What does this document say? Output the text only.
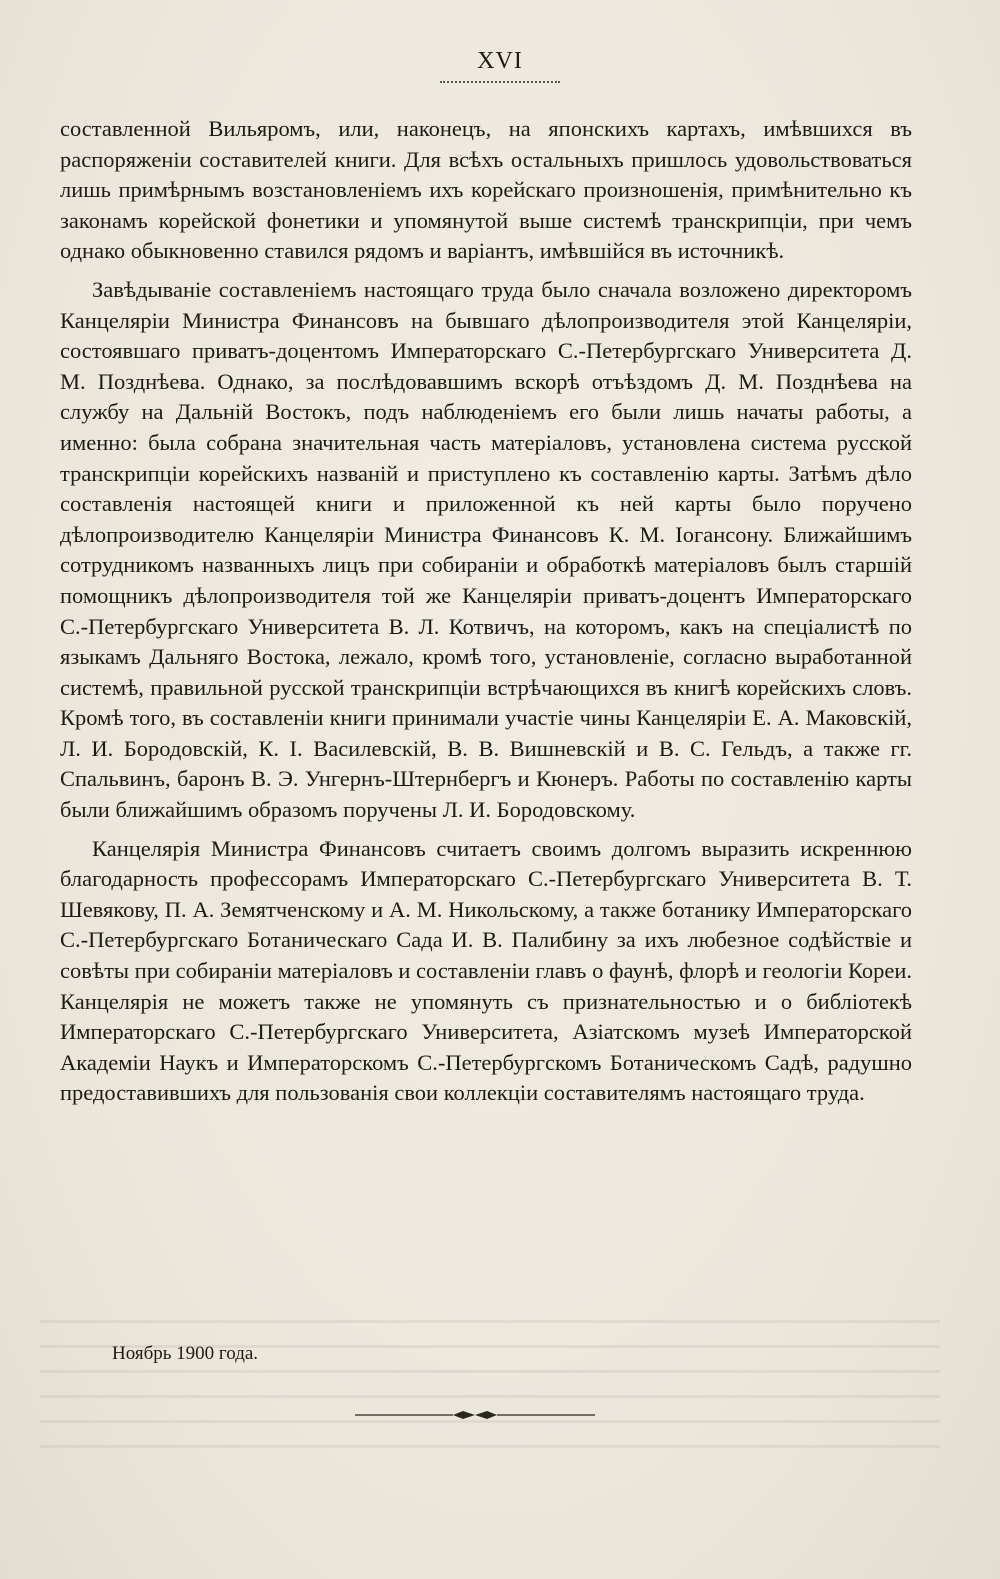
XVI

составленной Вильяромъ, или, наконецъ, на японскихъ картахъ, имѣвшихся въ распоряженіи составителей книги. Для всѣхъ остальныхъ пришлось удовольствоваться лишь примѣрнымъ возстановленіемъ ихъ корейскаго произношенія, примѣнительно къ законамъ корейской фонетики и упомянутой выше системѣ транскрипціи, при чемъ однако обыкновенно ставился рядомъ и варіантъ, имѣвшійся въ источникѣ.

Завѣдываніе составленіемъ настоящаго труда было сначала возложено директоромъ Канцеляріи Министра Финансовъ на бывшаго дѣлопроизводителя этой Канцеляріи, состоявшаго приватъ-доцентомъ Императорскаго С.-Петербургскаго Университета Д. М. Позднѣева. Однако, за послѣдовавшимъ вскорѣ отъѣздомъ Д. М. Позднѣева на службу на Дальній Востокъ, подъ наблюденіемъ его были лишь начаты работы, а именно: была собрана значительная часть матеріаловъ, установлена система русской транскрипціи корейскихъ названій и приступлено къ составленію карты. Затѣмъ дѣло составленія настоящей книги и приложенной къ ней карты было поручено дѣлопроизводителю Канцеляріи Министра Финансовъ К. М. Іогансону. Ближайшимъ сотрудникомъ названныхъ лицъ при собираніи и обработкѣ матеріаловъ былъ старшій помощникъ дѣлопроизводителя той же Канцеляріи приватъ-доцентъ Императорскаго С.-Петербургскаго Университета В. Л. Котвичъ, на которомъ, какъ на спеціалистѣ по языкамъ Дальняго Востока, лежало, кромѣ того, установленіе, согласно выработанной системѣ, правильной русской транскрипціи встрѣчающихся въ книгѣ корейскихъ словъ. Кромѣ того, въ составленіи книги принимали участіе чины Канцеляріи Е. А. Маковскій, Л. И. Бородовскій, К. І. Василевскій, В. В. Вишневскій и В. С. Гельдъ, а также гг. Спальвинъ, баронъ В. Э. Унгернъ-Штернбергъ и Кюнеръ. Работы по составленію карты были ближайшимъ образомъ поручены Л. И. Бородовскому.

Канцелярія Министра Финансовъ считаетъ своимъ долгомъ выразить искреннюю благодарность профессорамъ Императорскаго С.-Петербургскаго Университета В. Т. Шевякову, П. А. Земятченскому и А. М. Никольскому, а также ботанику Императорскаго С.-Петербургскаго Ботаническаго Сада И. В. Палибину за ихъ любезное содѣйствіе и совѣты при собираніи матеріаловъ и составленіи главъ о фаунѣ, флорѣ и геологіи Кореи. Канцелярія не можетъ также не упомянуть съ признательностью и о библіотекѣ Императорскаго С.-Петербургскаго Университета, Азіатскомъ музеѣ Императорской Академіи Наукъ и Императорскомъ С.-Петербургскомъ Ботаническомъ Садѣ, радушно предоставившихъ для пользованія свои коллекціи составителямъ настоящаго труда.

Ноябрь 1900 года.
